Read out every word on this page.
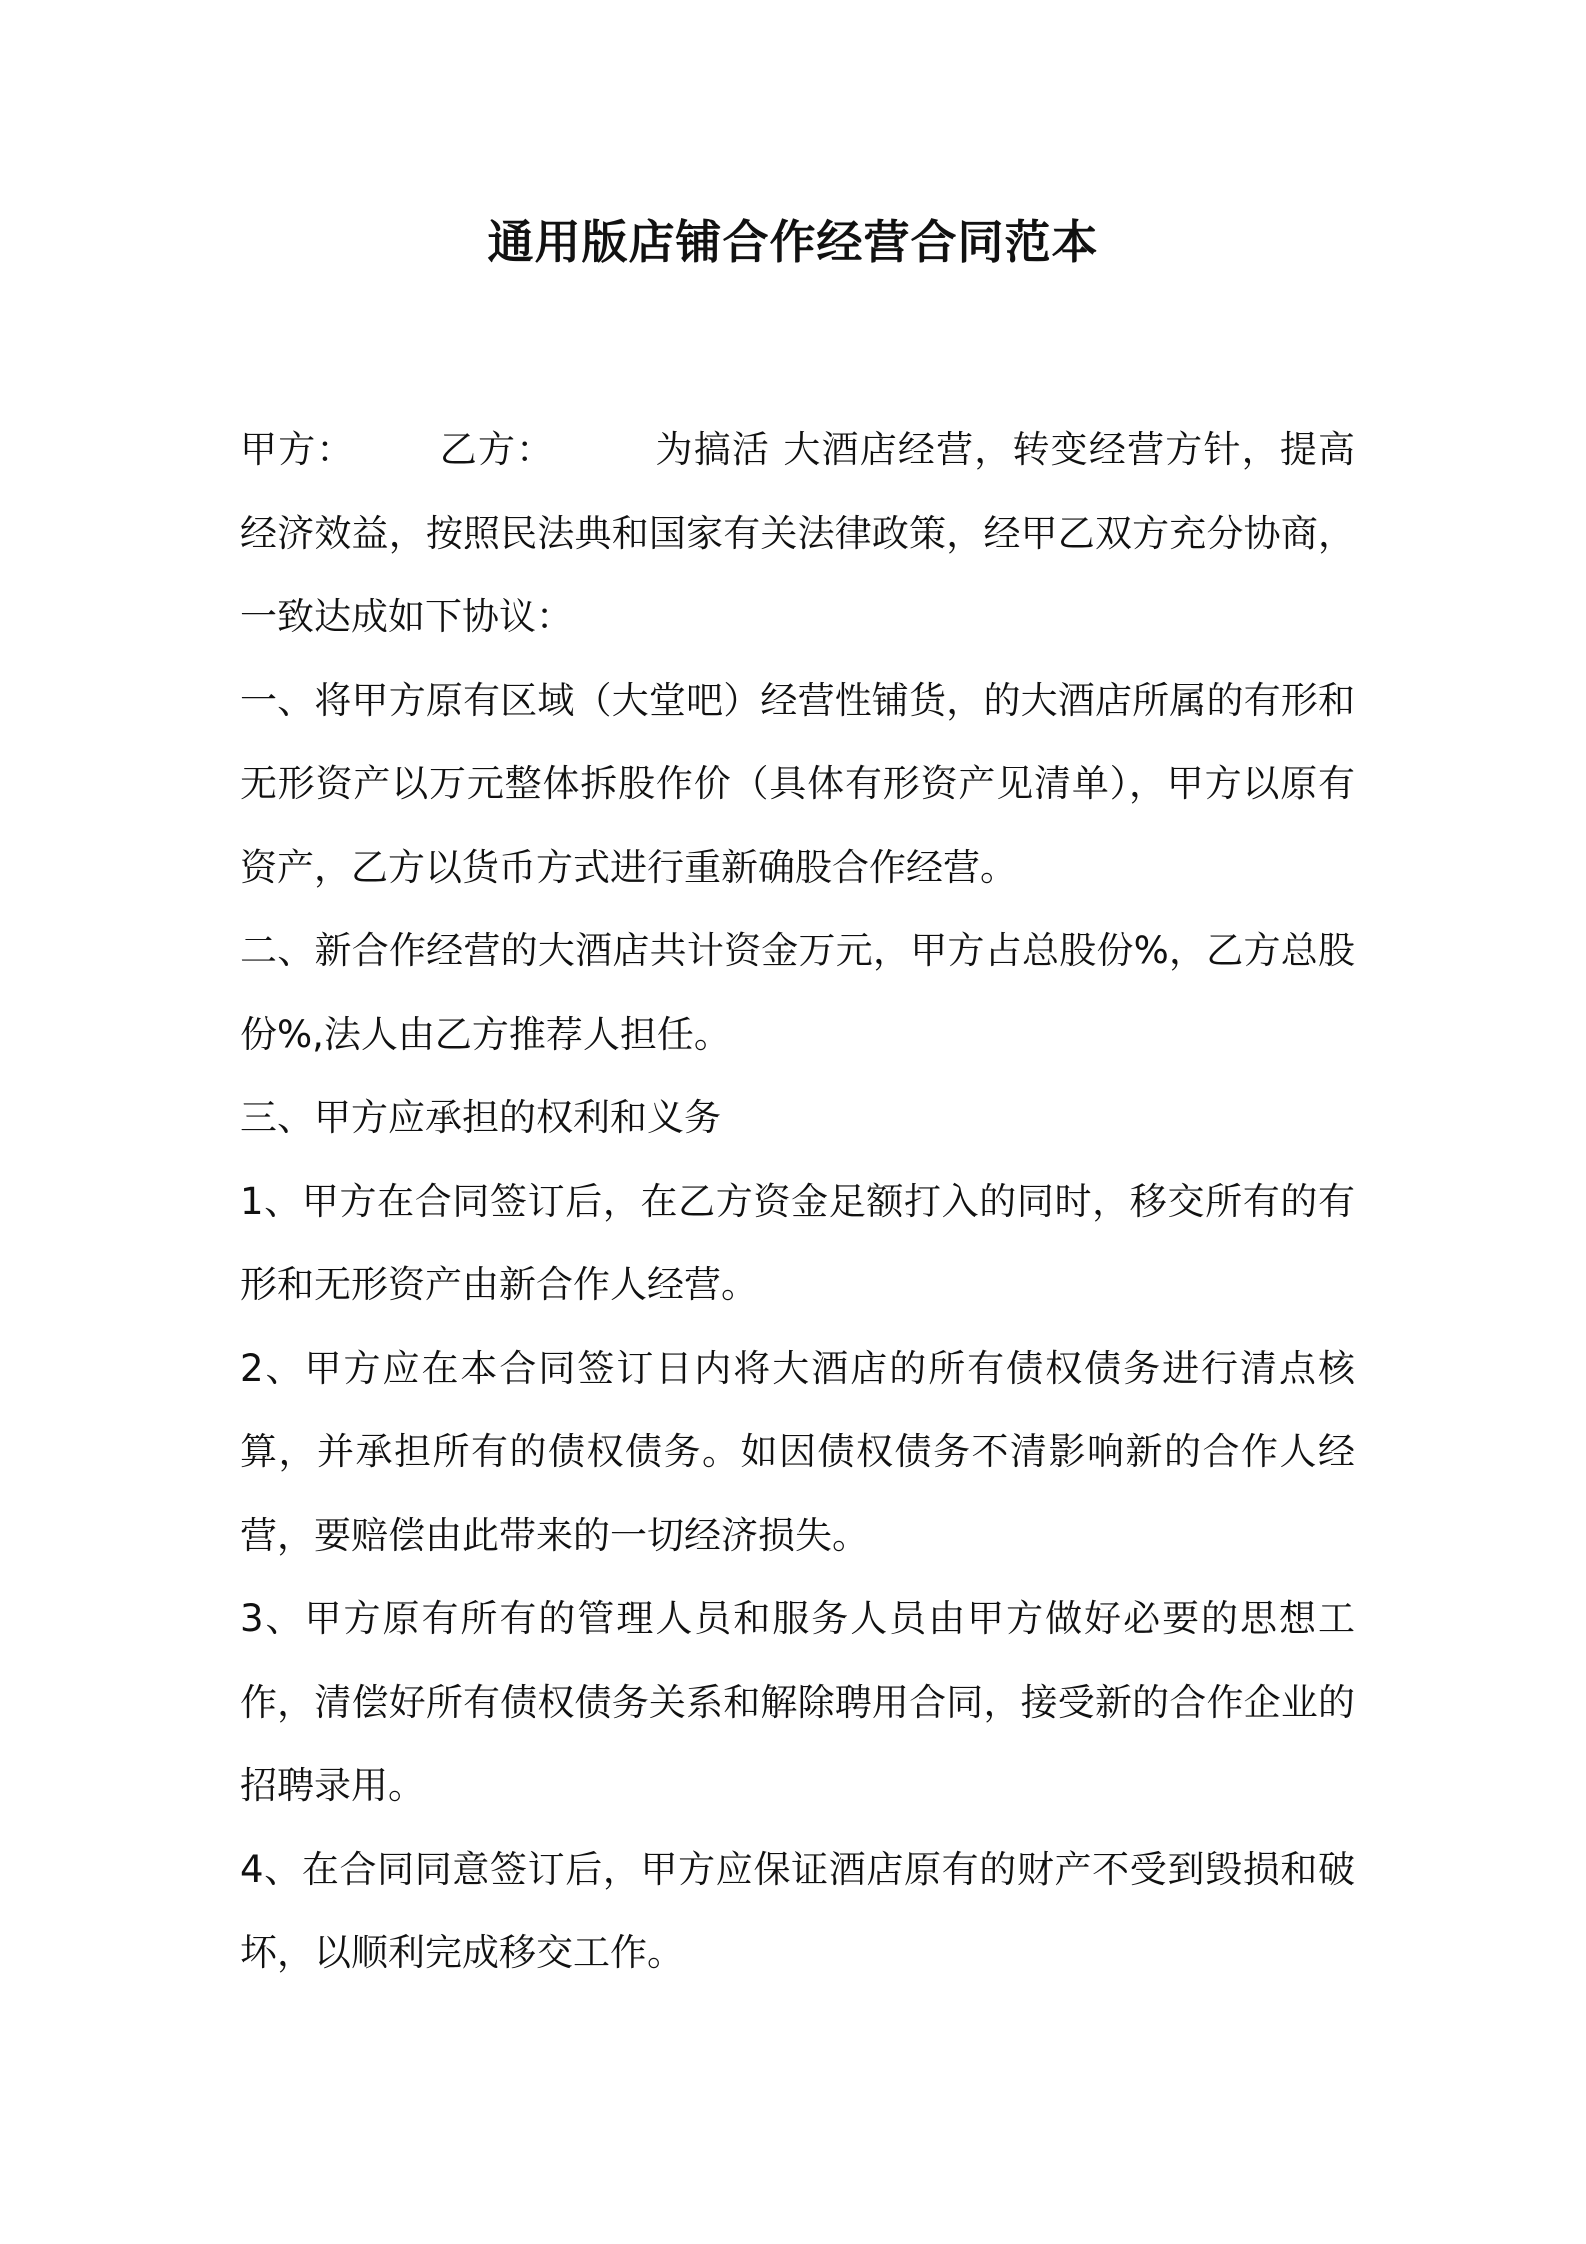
通用版店铺合作经营合同范本

甲方： 乙方：	为搞活 大酒店经营，转变经营方针，提高经济效益，按照民法典和国家有关法律政策，经甲乙双方充分协商，一致达成如下协议：

一、将甲方原有区域（大堂吧）经营性铺货，的大酒店所属的有形和无形资产以万元整体拆股作价（具体有形资产见清单），甲方以原有资产，乙方以货币方式进行重新确股合作经营。

二、新合作经营的大酒店共计资金万元，甲方占总股份%，乙方总股份%,法人由乙方推荐人担任。

三、甲方应承担的权利和义务

1、甲方在合同签订后，在乙方资金足额打入的同时，移交所有的有形和无形资产由新合作人经营。

2、甲方应在本合同签订日内将大酒店的所有债权债务进行清点核算，并承担所有的债权债务。如因债权债务不清影响新的合作人经营，要赔偿由此带来的一切经济损失。

3、甲方原有所有的管理人员和服务人员由甲方做好必要的思想工作，清偿好所有债权债务关系和解除聘用合同，接受新的合作企业的招聘录用。

4、在合同同意签订后，甲方应保证酒店原有的财产不受到毁损和破坏，以顺利完成移交工作。
